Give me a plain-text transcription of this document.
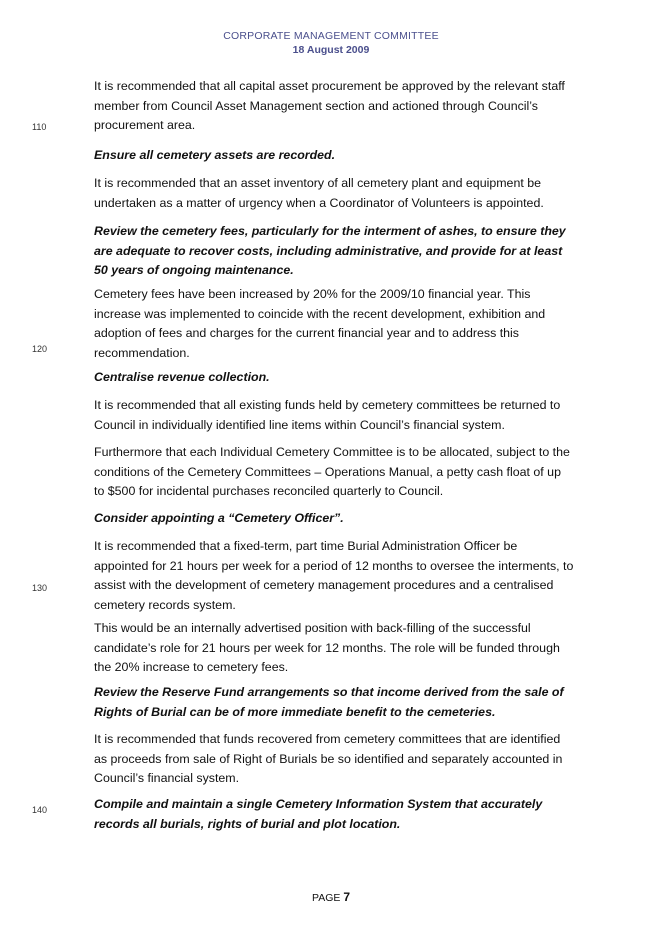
CORPORATE MANAGEMENT COMMITTEE
18 August 2009

It is recommended that all capital asset procurement be approved by the relevant staff member from Council Asset Management section and actioned through Council’s procurement area.

Ensure all cemetery assets are recorded.

It is recommended that an asset inventory of all cemetery plant and equipment be undertaken as a matter of urgency when a Coordinator of Volunteers is appointed.

Review the cemetery fees, particularly for the interment of ashes, to ensure they are adequate to recover costs, including administrative, and provide for at least 50 years of ongoing maintenance.

Cemetery fees have been increased by 20% for the 2009/10 financial year. This increase was implemented to coincide with the recent development, exhibition and adoption of fees and charges for the current financial year and to address this recommendation.

Centralise revenue collection.

It is recommended that all existing funds held by cemetery committees be returned to Council in individually identified line items within Council’s financial system.

Furthermore that each Individual Cemetery Committee is to be allocated, subject to the conditions of the Cemetery Committees – Operations Manual, a petty cash float of up to $500 for incidental purchases reconciled quarterly to Council.

Consider appointing a “Cemetery Officer”.

It is recommended that a fixed-term, part time Burial Administration Officer be appointed for 21 hours per week for a period of 12 months to oversee the interments, to assist with the development of cemetery management procedures and a centralised cemetery records system.

This would be an internally advertised position with back-filling of the successful candidate’s role for 21 hours per week for 12 months. The role will be funded through the 20% increase to cemetery fees.

Review the Reserve Fund arrangements so that income derived from the sale of Rights of Burial can be of more immediate benefit to the cemeteries.

It is recommended that funds recovered from cemetery committees that are identified as proceeds from sale of Right of Burials be so identified and separately accounted in Council’s financial system.

Compile and maintain a single Cemetery Information System that accurately records all burials, rights of burial and plot location.

110
120
130
140
PAGE 7
